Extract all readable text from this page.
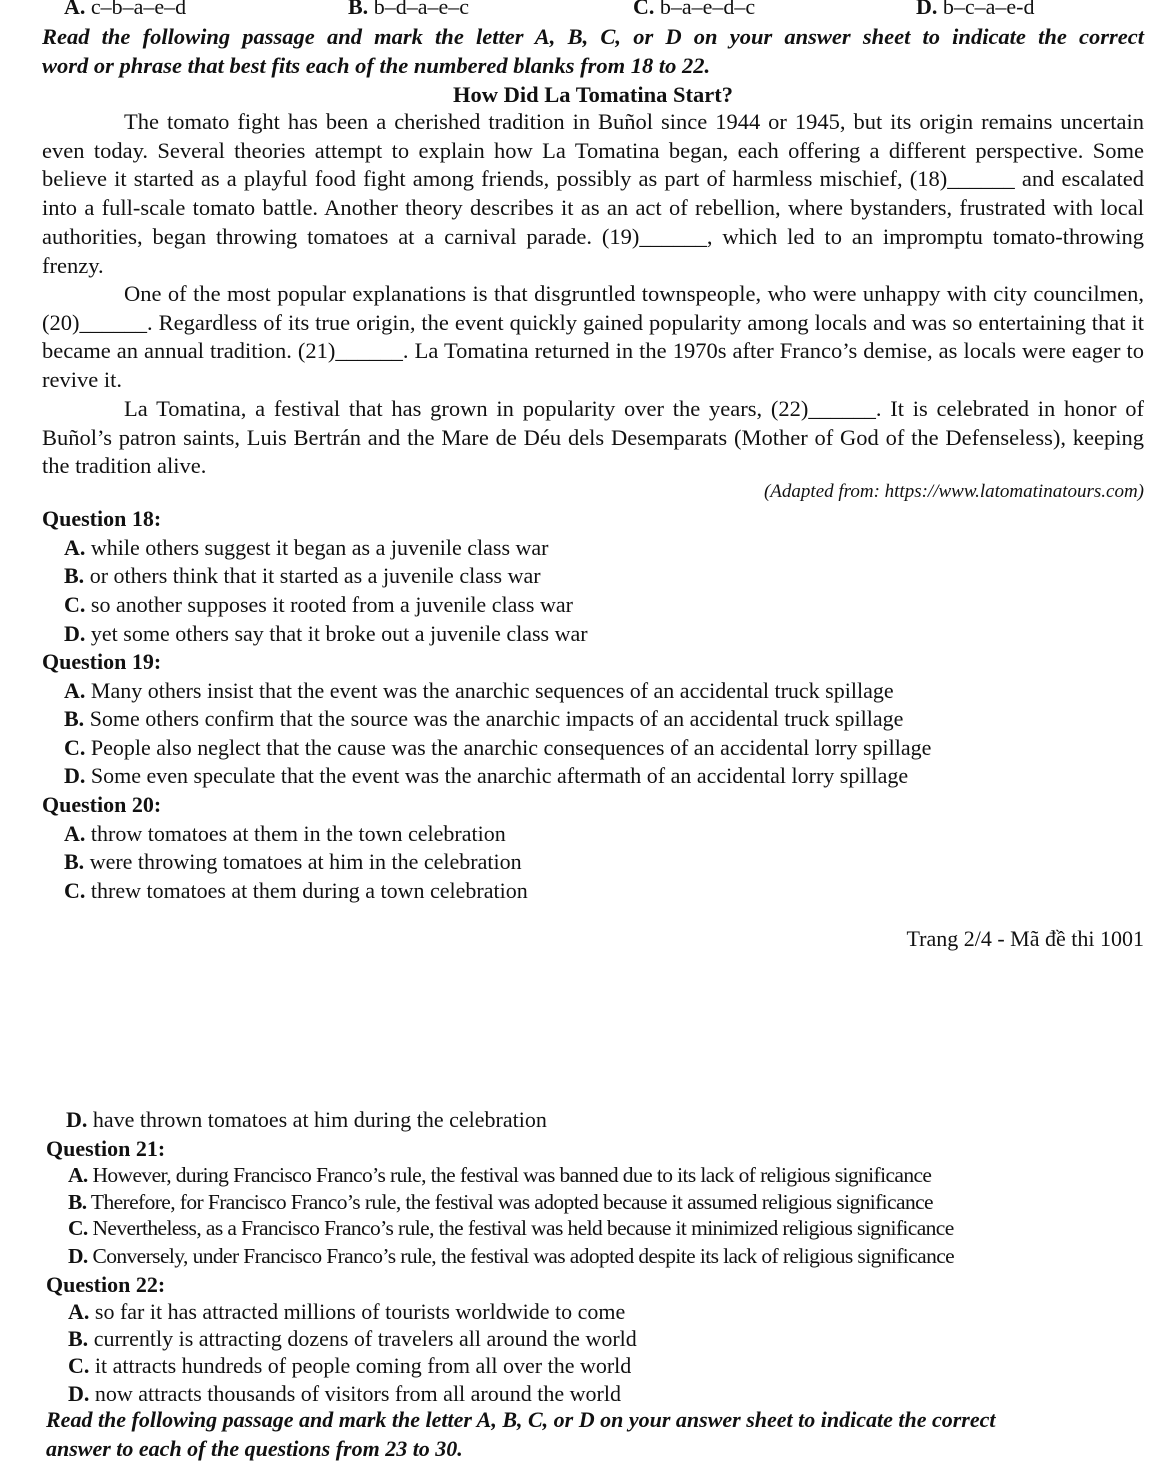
A. c–b–a–e–d	B. b–d–a–e–c	C. b–a–e–d–c	D. b–c–a–e-d
Read the following passage and mark the letter A, B, C, or D on your answer sheet to indicate the correct
word or phrase that best fits each of the numbered blanks from 18 to 22.
How Did La Tomatina Start?
The tomato fight has been a cherished tradition in Buñol since 1944 or 1945, but its origin remains uncertain even today. Several theories attempt to explain how La Tomatina began, each offering a different perspective. Some believe it started as a playful food fight among friends, possibly as part of harmless mischief, (18)______ and escalated into a full-scale tomato battle. Another theory describes it as an act of rebellion, where bystanders, frustrated with local authorities, began throwing tomatoes at a carnival parade. (19)______, which led to an impromptu tomato-throwing frenzy.
One of the most popular explanations is that disgruntled townspeople, who were unhappy with city councilmen, (20)______. Regardless of its true origin, the event quickly gained popularity among locals and was so entertaining that it became an annual tradition. (21)______. La Tomatina returned in the 1970s after Franco’s demise, as locals were eager to revive it.
La Tomatina, a festival that has grown in popularity over the years, (22)______. It is celebrated in honor of Buñol’s patron saints, Luis Bertrán and the Mare de Déu dels Desemparats (Mother of God of the Defenseless), keeping the tradition alive.
(Adapted from: https://www.latomatinatours.com)
Question 18:
A. while others suggest it began as a juvenile class war
B. or others think that it started as a juvenile class war
C. so another supposes it rooted from a juvenile class war
D. yet some others say that it broke out a juvenile class war
Question 19:
A. Many others insist that the event was the anarchic sequences of an accidental truck spillage
B. Some others confirm that the source was the anarchic impacts of an accidental truck spillage
C. People also neglect that the cause was the anarchic consequences of an accidental lorry spillage
D. Some even speculate that the event was the anarchic aftermath of an accidental lorry spillage
Question 20:
A. throw tomatoes at them in the town celebration
B. were throwing tomatoes at him in the celebration
C. threw tomatoes at them during a town celebration
Trang 2/4 - Mã đề thi 1001
D. have thrown tomatoes at him during the celebration
Question 21:
A. However, during Francisco Franco’s rule, the festival was banned due to its lack of religious significance
B. Therefore, for Francisco Franco’s rule, the festival was adopted because it assumed religious significance
C. Nevertheless, as a Francisco Franco’s rule, the festival was held because it minimized religious significance
D. Conversely, under Francisco Franco’s rule, the festival was adopted despite its lack of religious significance
Question 22:
A. so far it has attracted millions of tourists worldwide to come
B. currently is attracting dozens of travelers all around the world
C. it attracts hundreds of people coming from all over the world
D. now attracts thousands of visitors from all around the world
Read the following passage and mark the letter A, B, C, or D on your answer sheet to indicate the correct
answer to each of the questions from 23 to 30.
